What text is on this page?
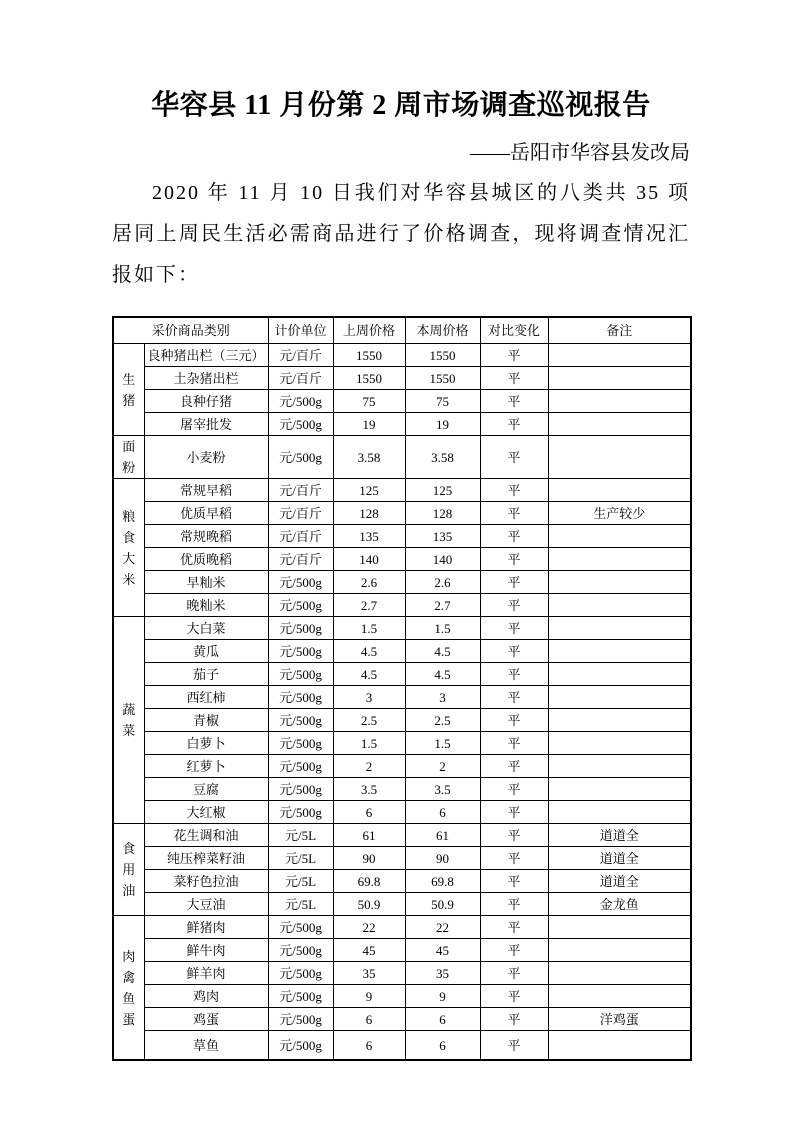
华容县 11 月份第 2 周市场调查巡视报告
——岳阳市华容县发改局

2020 年 11 月 10 日我们对华容县城区的八类共 35 项居同上周民生活必需商品进行了价格调查，现将调查情况汇报如下：

采价商品类别		计价单位	上周价格	本周价格	对比变化	备注

生
猪	良种猪出栏（三元）	元/百斤	1550	1550	平	
	土杂猪出栏	元/百斤	1550	1550	平	
	良种仔猪	元/500g	75	75	平	
	屠宰批发	元/500g	19	19	平	

面
粉	小麦粉	元/500g	3.58	3.58	平	

粮
食
大
米	常规早稻	元/百斤	125	125	平	
	优质早稻	元/百斤	128	128	平	生产较少
	常规晚稻	元/百斤	135	135	平	
	优质晚稻	元/百斤	140	140	平	
	早籼米	元/500g	2.6	2.6	平	
	晚籼米	元/500g	2.7	2.7	平	

蔬
菜	大白菜	元/500g	1.5	1.5	平	
	黄瓜	元/500g	4.5	4.5	平	
	茄子	元/500g	4.5	4.5	平	
	西红柿	元/500g	3	3	平	
	青椒	元/500g	2.5	2.5	平	
	白萝卜	元/500g	1.5	1.5	平	
	红萝卜	元/500g	2	2	平	
	豆腐	元/500g	3.5	3.5	平	
	大红椒	元/500g	6	6	平	

食
用
油	花生调和油	元/5L	61	61	平	道道全
	纯压榨菜籽油	元/5L	90	90	平	道道全
	菜籽色拉油	元/5L	69.8	69.8	平	道道全
	大豆油	元/5L	50.9	50.9	平	金龙鱼

肉
禽
鱼
蛋	鲜猪肉	元/500g	22	22	平	
	鲜牛肉	元/500g	45	45	平	
	鲜羊肉	元/500g	35	35	平	
	鸡肉	元/500g	9	9	平	
	鸡蛋	元/500g	6	6	平	洋鸡蛋
	草鱼	元/500g	6	6	平	
